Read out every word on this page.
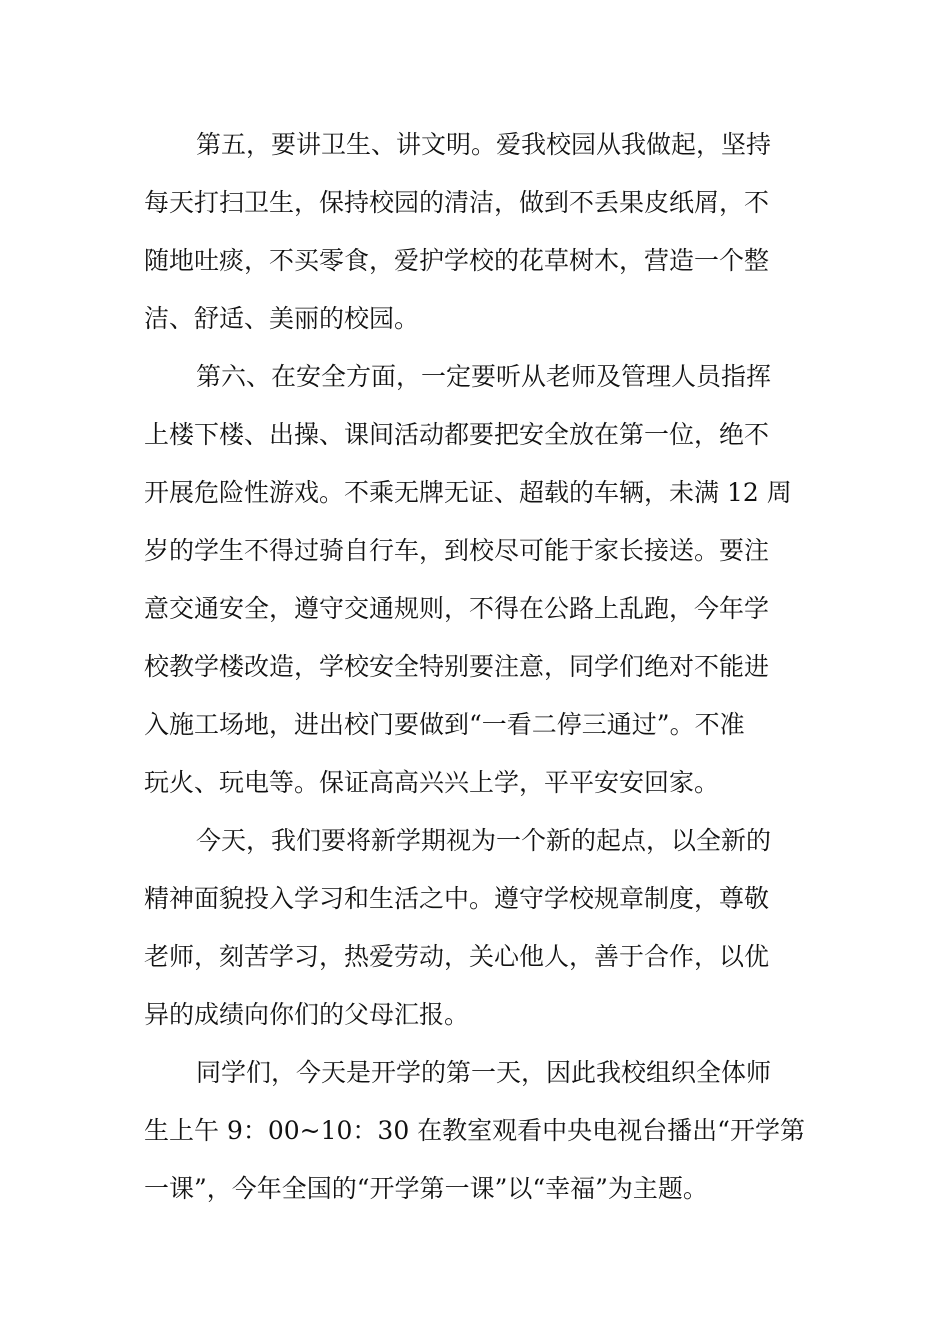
第五，要讲卫生、讲文明。爱我校园从我做起，坚持
每天打扫卫生，保持校园的清洁，做到不丢果皮纸屑，不
随地吐痰，不买零食，爱护学校的花草树木，营造一个整
洁、舒适、美丽的校园。
第六、在安全方面，一定要听从老师及管理人员指挥
上楼下楼、出操、课间活动都要把安全放在第一位，绝不
开展危险性游戏。不乘无牌无证、超载的车辆，未满 12 周
岁的学生不得过骑自行车，到校尽可能于家长接送。要注
意交通安全，遵守交通规则，不得在公路上乱跑，今年学
校教学楼改造，学校安全特别要注意，同学们绝对不能进
入施工场地，进出校门要做到“一看二停三通过”。不准
玩火、玩电等。保证高高兴兴上学，平平安安回家。
今天，我们要将新学期视为一个新的起点，以全新的
精神面貌投入学习和生活之中。遵守学校规章制度，尊敬
老师，刻苦学习，热爱劳动，关心他人，善于合作，以优
异的成绩向你们的父母汇报。
同学们，今天是开学的第一天，因此我校组织全体师
生上午 9：00~10：30 在教室观看中央电视台播出“开学第
一课”，今年全国的“开学第一课”以“幸福”为主题。
